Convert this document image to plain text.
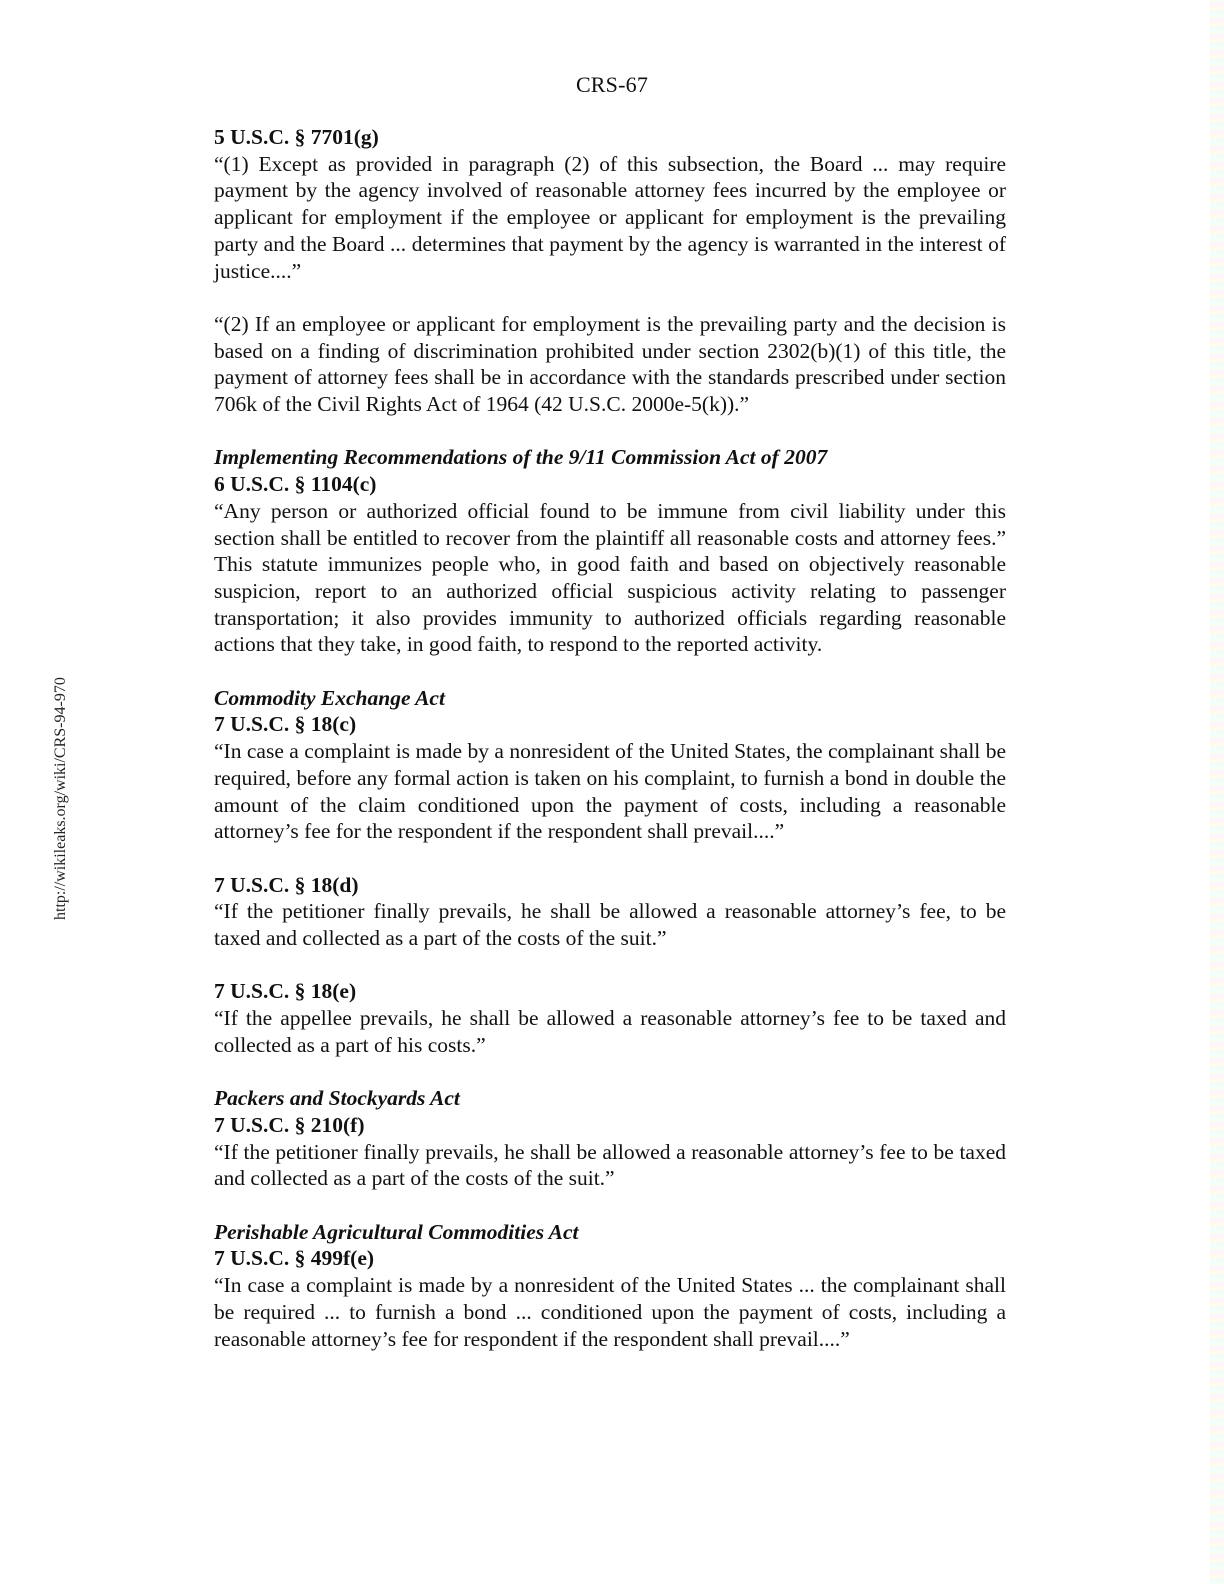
CRS-67
http://wikileaks.org/wiki/CRS-94-970
5 U.S.C. § 7701(g)

“(1) Except as provided in paragraph (2) of this subsection, the Board ... may require payment by the agency involved of reasonable attorney fees incurred by the employee or applicant for employment if the employee or applicant for employment is the prevailing party and the Board ... determines that payment by the agency is warranted in the interest of justice....”

“(2) If an employee or applicant for employment is the prevailing party and the decision is based on a finding of discrimination prohibited under section 2302(b)(1) of this title, the payment of attorney fees shall be in accordance with the standards prescribed under section 706k of the Civil Rights Act of 1964 (42 U.S.C. 2000e-5(k)).”

Implementing Recommendations of the 9/11 Commission Act of 2007
6 U.S.C. § 1104(c)

“Any person or authorized official found to be immune from civil liability under this section shall be entitled to recover from the plaintiff all reasonable costs and attorney fees.” This statute immunizes people who, in good faith and based on objectively reasonable suspicion, report to an authorized official suspicious activity relating to passenger transportation; it also provides immunity to authorized officials regarding reasonable actions that they take, in good faith, to respond to the reported activity.

Commodity Exchange Act
7 U.S.C. § 18(c)

“In case a complaint is made by a nonresident of the United States, the complainant shall be required, before any formal action is taken on his complaint, to furnish a bond in double the amount of the claim conditioned upon the payment of costs, including a reasonable attorney’s fee for the respondent if the respondent shall prevail....”

7 U.S.C. § 18(d)

“If the petitioner finally prevails, he shall be allowed a reasonable attorney’s fee, to be taxed and collected as a part of the costs of the suit.”

7 U.S.C. § 18(e)

“If the appellee prevails, he shall be allowed a reasonable attorney’s fee to be taxed and collected as a part of his costs.”

Packers and Stockyards Act
7 U.S.C. § 210(f)

“If the petitioner finally prevails, he shall be allowed a reasonable attorney’s fee to be taxed and collected as a part of the costs of the suit.”

Perishable Agricultural Commodities Act
7 U.S.C. § 499f(e)

“In case a complaint is made by a nonresident of the United States ... the complainant shall be required ... to furnish a bond ... conditioned upon the payment of costs, including a reasonable attorney’s fee for respondent if the respondent shall prevail....”
